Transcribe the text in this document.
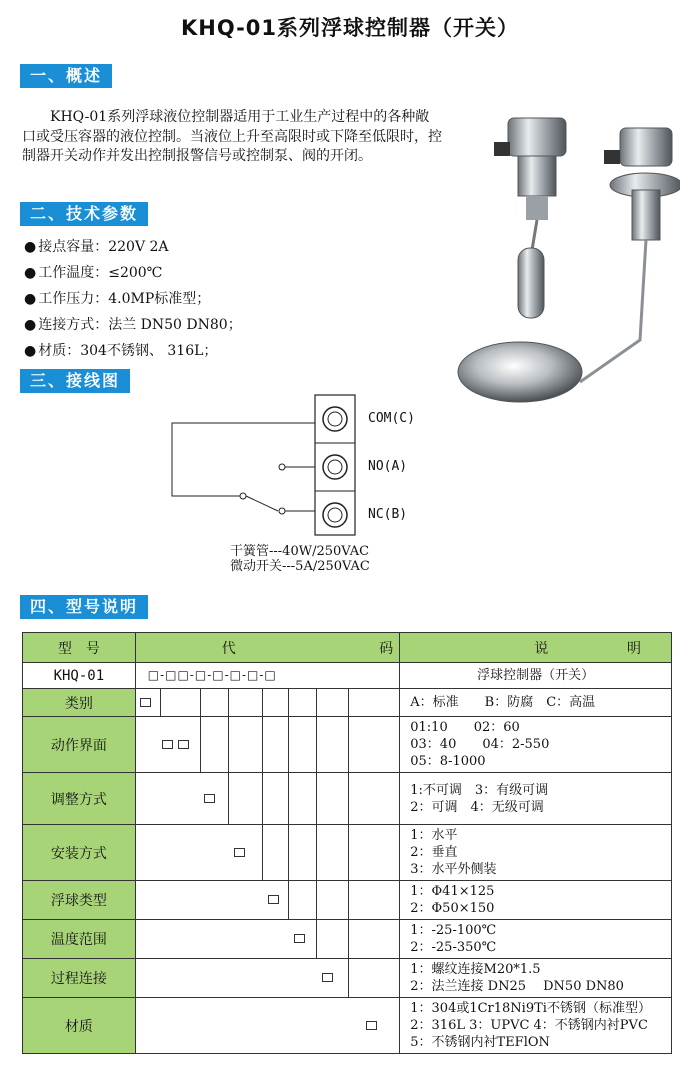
KHQ-01系列浮球控制器（开关）
一、概述

KHQ-01系列浮球液位控制器适用于工业生产过程中的各种敞口或受压容器的液位控制。当液位上升至高限时或下降至低限时，控制器开关动作并发出控制报警信号或控制泵、阀的开闭。

二、技术参数
● 接点容量：220V 2A
● 工作温度：≤200℃
● 工作压力：4.0MP标准型；
● 连接方式：法兰 DN50 DN80；
● 材质：304不锈钢、 316L；
三、接线图
COM(C)
NO(A)
NC(B)
干簧管---40W/250VAC
微动开关---5A/250VAC
四、型号说明
型　号	代 码	说 明

KHQ-01	□-□□-□-□-□-□-□	浮球控制器（开关）
类别		A：标准　　B：防腐　C：高温

动作界面		01:10　　02：60
03：40　　04：2-550
05：8-1000

调整方式		1:不可调　3：有级可调
2：可调　4：无级可调

安装方式		1：水平
2：垂直
3：水平外侧装

浮球类型		1：Φ41×125
2：Φ50×150

温度范围		1：-25-100℃
2：-25-350℃

过程连接		1：螺纹连接M20*1.5
2：法兰连接 DN25　 DN50 DN80

材质		1：304或1Cr18Ni9Ti不锈钢（标准型）
2：316L 3：UPVC 4：不锈钢内衬PVC
5：不锈钢内衬TEFlON
